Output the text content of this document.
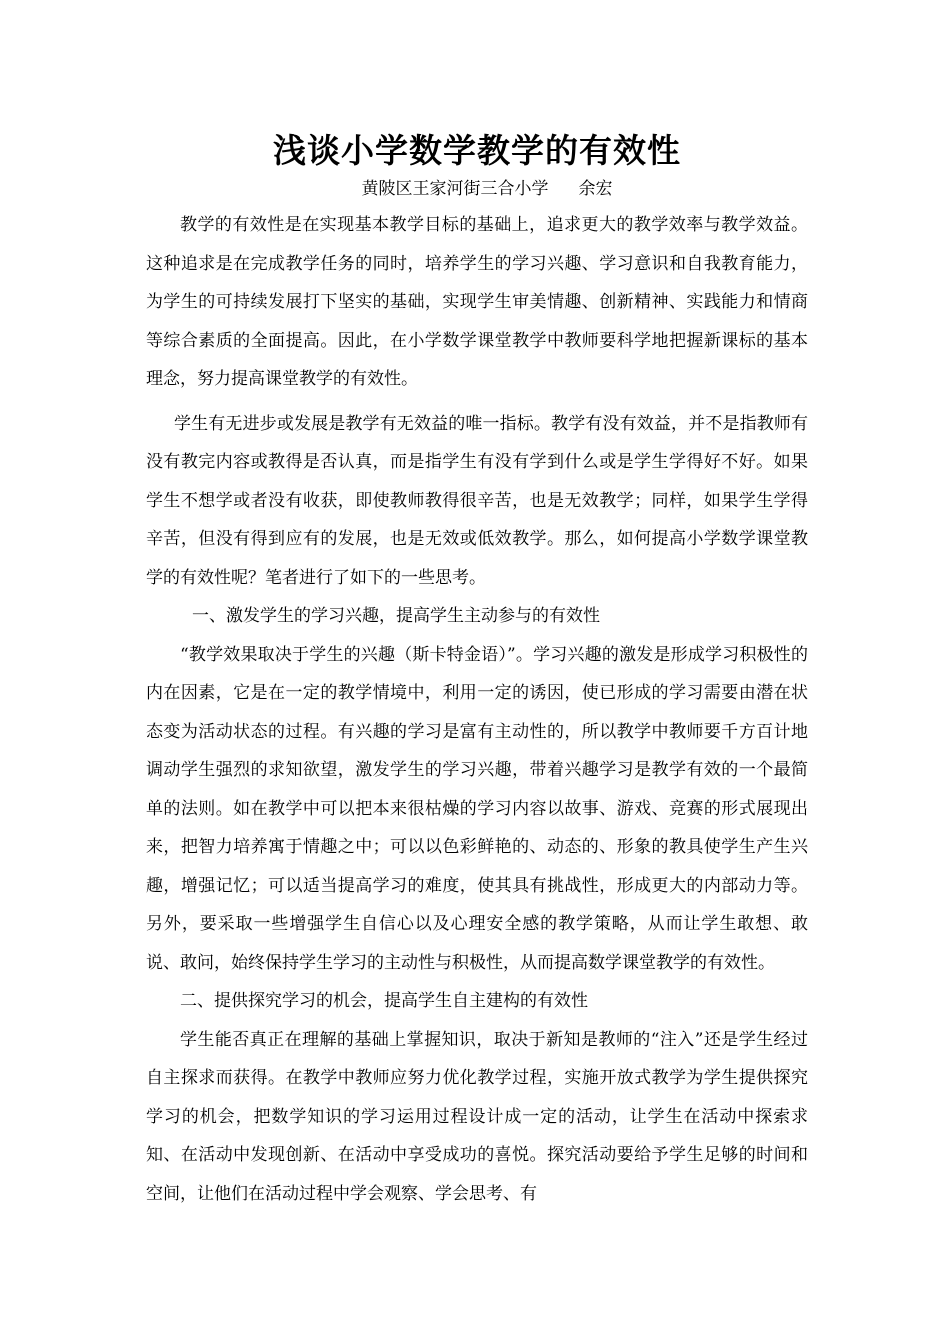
浅谈小学数学教学的有效性
黄陂区王家河街三合小学 余宏

教学的有效性是在实现基本教学目标的基础上，追求更大的教学效率与教学效益。这种追求是在完成教学任务的同时，培养学生的学习兴趣、学习意识和自我教育能力，为学生的可持续发展打下坚实的基础，实现学生审美情趣、创新精神、实践能力和情商等综合素质的全面提高。因此，在小学数学课堂教学中教师要科学地把握新课标的基本理念，努力提高课堂教学的有效性。

学生有无进步或发展是教学有无效益的唯一指标。教学有没有效益，并不是指教师有没有教完内容或教得是否认真，而是指学生有没有学到什么或是学生学得好不好。如果学生不想学或者没有收获，即使教师教得很辛苦，也是无效教学；同样，如果学生学得辛苦，但没有得到应有的发展，也是无效或低效教学。那么，如何提高小学数学课堂教学的有效性呢？笔者进行了如下的一些思考。

一、激发学生的学习兴趣，提高学生主动参与的有效性

“教学效果取决于学生的兴趣（斯卡特金语）”。学习兴趣的激发是形成学习积极性的内在因素，它是在一定的教学情境中，利用一定的诱因，使已形成的学习需要由潜在状态变为活动状态的过程。有兴趣的学习是富有主动性的，所以教学中教师要千方百计地调动学生强烈的求知欲望，激发学生的学习兴趣，带着兴趣学习是教学有效的一个最简单的法则。如在教学中可以把本来很枯燥的学习内容以故事、游戏、竞赛的形式展现出来，把智力培养寓于情趣之中；可以以色彩鲜艳的、动态的、形象的教具使学生产生兴趣，增强记忆；可以适当提高学习的难度，使其具有挑战性，形成更大的内部动力等。另外，要采取一些增强学生自信心以及心理安全感的教学策略，从而让学生敢想、敢说、敢问，始终保持学生学习的主动性与积极性，从而提高数学课堂教学的有效性。

二、提供探究学习的机会，提高学生自主建构的有效性

学生能否真正在理解的基础上掌握知识，取决于新知是教师的“注入”还是学生经过自主探求而获得。在教学中教师应努力优化教学过程，实施开放式教学为学生提供探究学习的机会，把数学知识的学习运用过程设计成一定的活动，让学生在活动中探索求知、在活动中发现创新、在活动中享受成功的喜悦。探究活动要给予学生足够的时间和空间，让他们在活动过程中学会观察、学会思考、有
